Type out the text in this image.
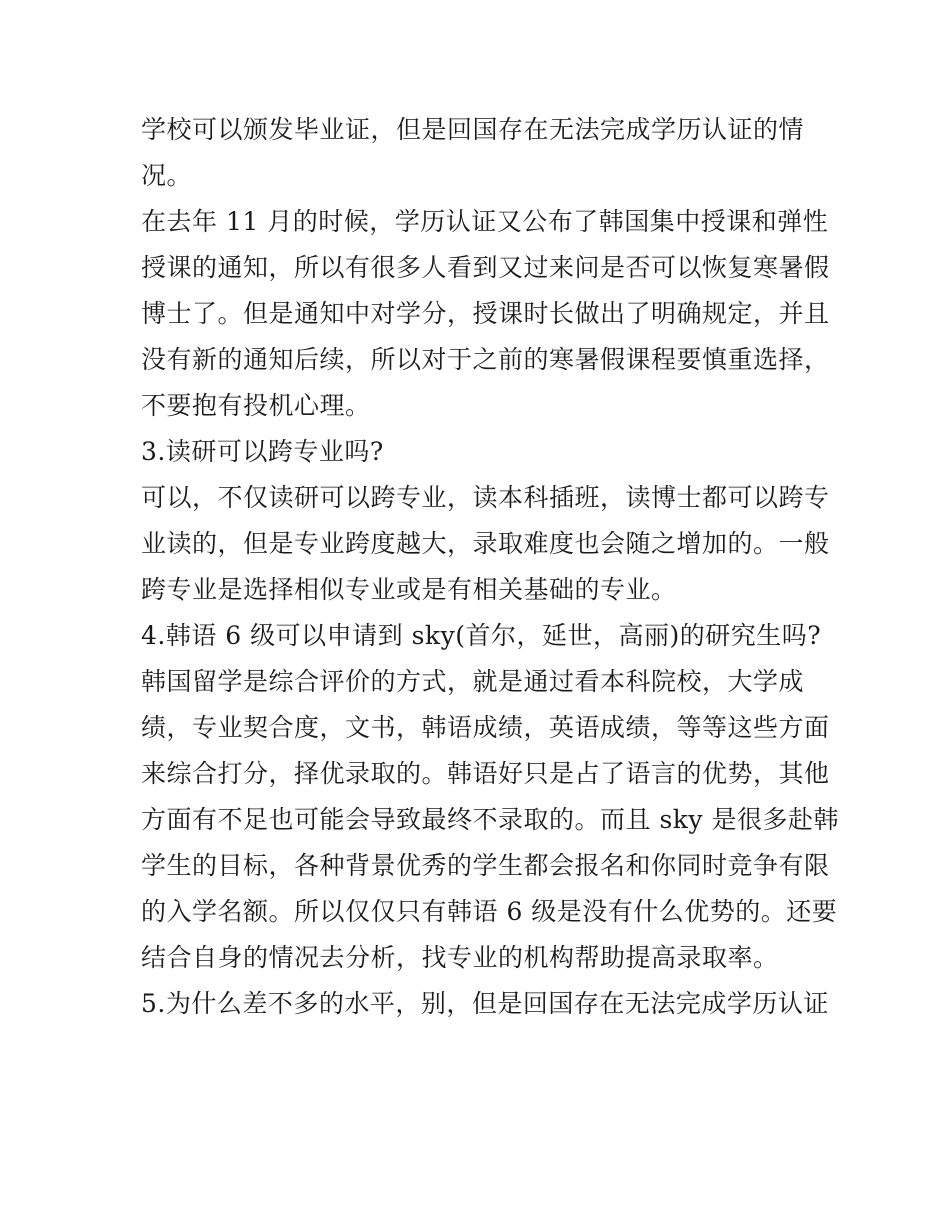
学校可以颁发毕业证，但是回国存在无法完成学历认证的情
况。
在去年 11 月的时候，学历认证又公布了韩国集中授课和弹性
授课的通知，所以有很多人看到又过来问是否可以恢复寒暑假
博士了。但是通知中对学分，授课时长做出了明确规定，并且
没有新的通知后续，所以对于之前的寒暑假课程要慎重选择，
不要抱有投机心理。
3.读研可以跨专业吗?
可以，不仅读研可以跨专业，读本科插班，读博士都可以跨专
业读的，但是专业跨度越大，录取难度也会随之增加的。一般
跨专业是选择相似专业或是有相关基础的专业。
4.韩语 6 级可以申请到 sky(首尔，延世，高丽)的研究生吗?
韩国留学是综合评价的方式，就是通过看本科院校，大学成
绩，专业契合度，文书，韩语成绩，英语成绩，等等这些方面
来综合打分，择优录取的。韩语好只是占了语言的优势，其他
方面有不足也可能会导致最终不录取的。而且 sky 是很多赴韩
学生的目标，各种背景优秀的学生都会报名和你同时竞争有限
的入学名额。所以仅仅只有韩语 6 级是没有什么优势的。还要
结合自身的情况去分析，找专业的机构帮助提高录取率。
5.为什么差不多的水平，别，但是回国存在无法完成学历认证
